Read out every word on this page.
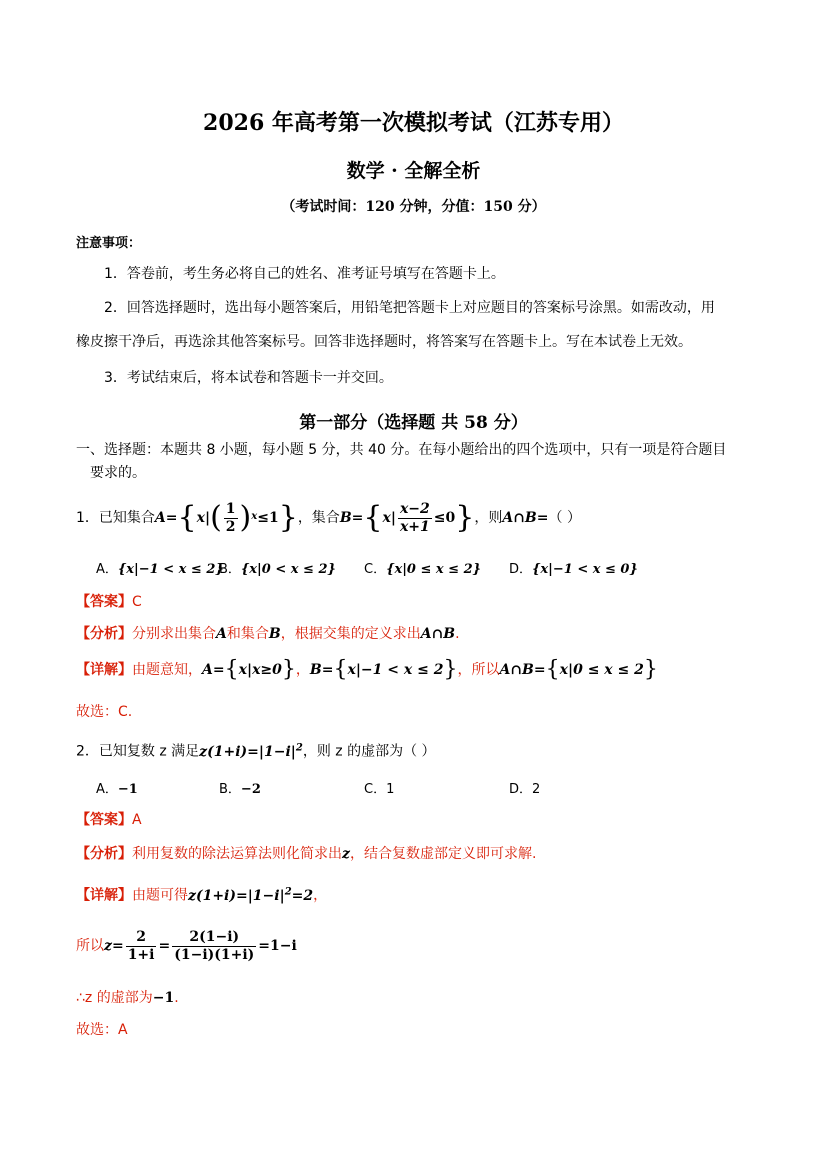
2026 年高考第一次模拟考试（江苏专用）
数学 · 全解全析
（考试时间：120 分钟，分值：150 分）
注意事项：
1．答卷前，考生务必将自己的姓名、准考证号填写在答题卡上。
2．回答选择题时，选出每小题答案后，用铅笔把答题卡上对应题目的答案标号涂黑。如需改动，用
橡皮擦干净后，再选涂其他答案标号。回答非选择题时，将答案写在答题卡上。写在本试卷上无效。
3．考试结束后，将本试卷和答题卡一并交回。
第一部分（选择题 共 58 分）
一、选择题：本题共 8 小题，每小题 5 分，共 40 分。在每小题给出的四个选项中，只有一项是符合题目
要求的。
1．已知集合 A = { x | ( $\frac{1}{2}$ ) x ≤1 } ，集合 B = { x | $\frac{x-2}{x+1} \le 0$ } ，则 A∩B = （ ）
A．{x|−1 < x ≤ 2}
B．{x|0 < x ≤ 2} C．{x|0 ≤ x ≤ 2} D．{x|−1 < x ≤ 0}
【答案】C
【分析】分别求出集合A和集合B，根据交集的定义求出A∩B.
【详解】由题意知，A={x|x≥0}，B={x|−1 < x ≤ 2}，所以A∩B={x|0 ≤ x ≤ 2}
故选：C.
2．已知复数 z 满足$z(1+i)=|1-i|^2$，则 z 的虚部为（ ）
A．−1	B．−2	C．1	D．2
【答案】A
【分析】利用复数的除法运算法则化简求出z，结合复数虚部定义即可求解.
【详解】由题可得$z(1+i)=|1-i|^2=2$，
所以 $z = \frac{2}{1+i} = \frac{2(1-i)}{(1-i)(1+i)} =1-i$
∴z 的虚部为−1.
故选：A
